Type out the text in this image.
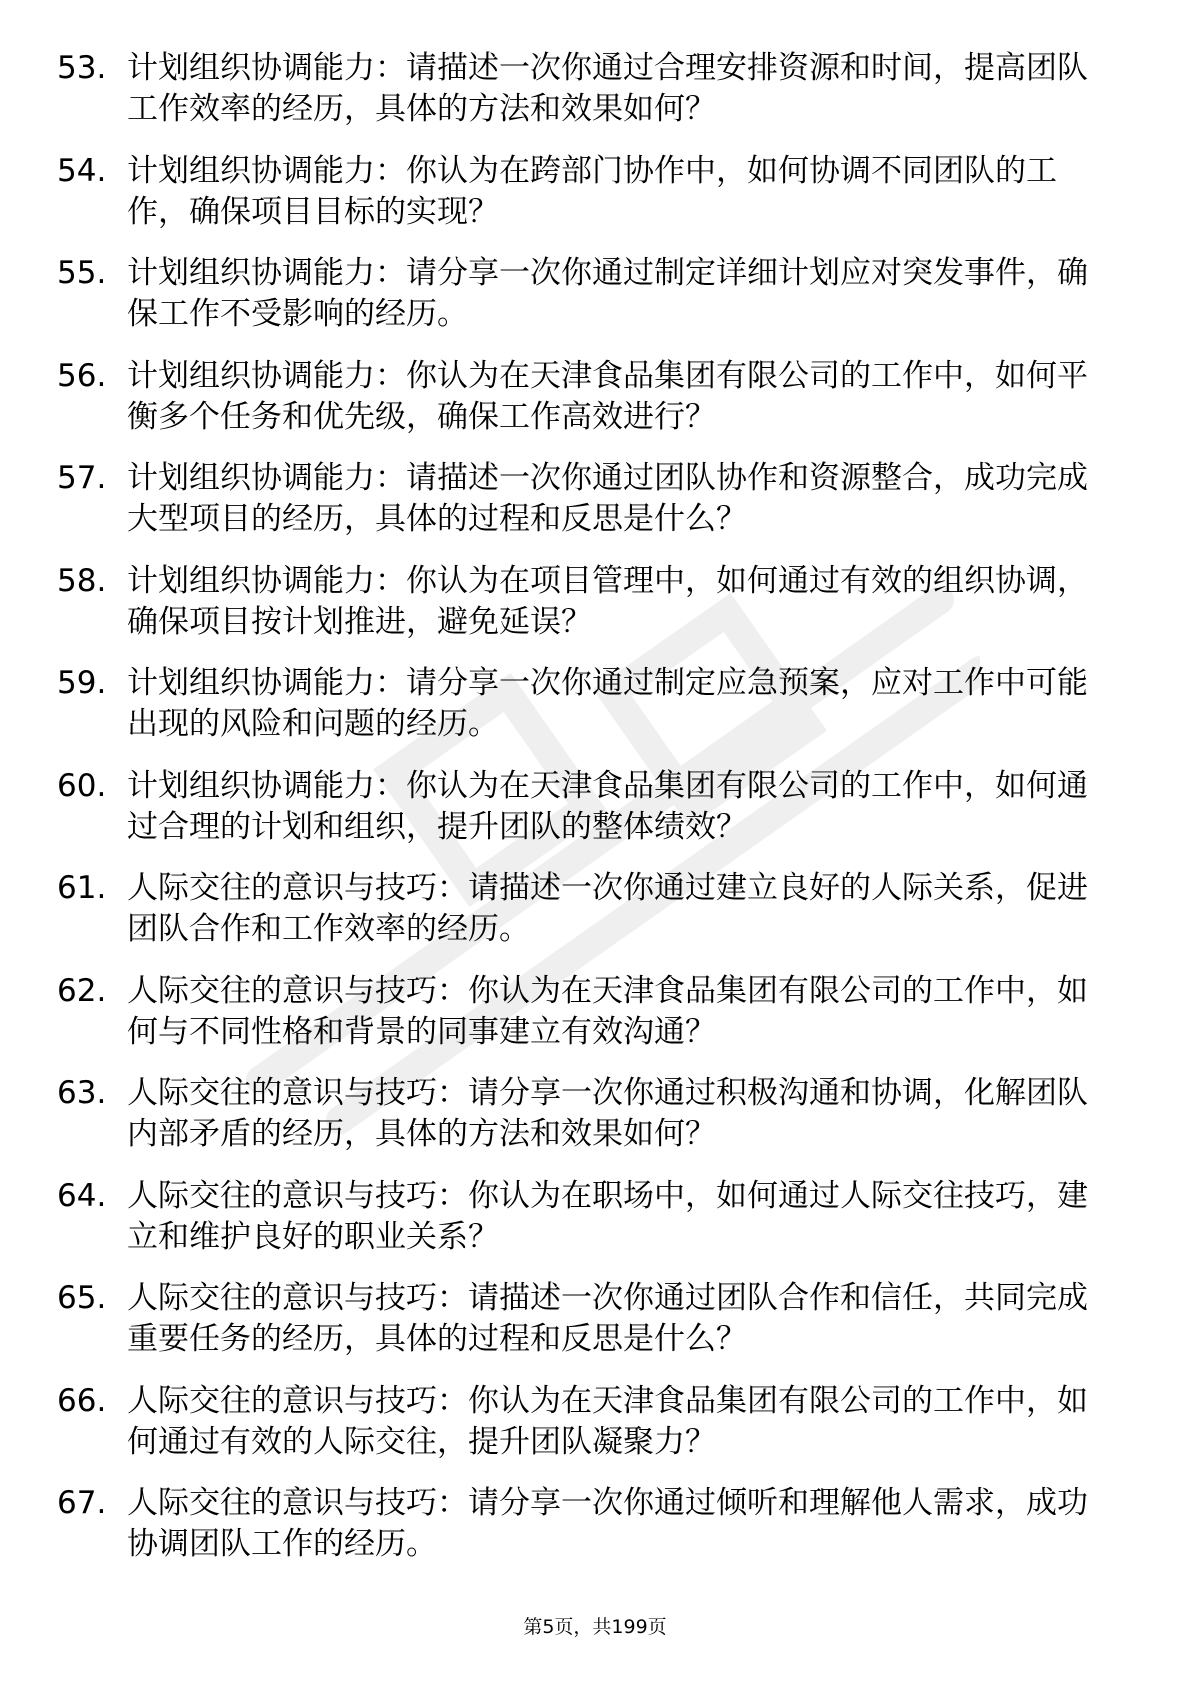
53. 计划组织协调能力：请描述一次你通过合理安排资源和时间，提高团队工作效率的经历，具体的方法和效果如何？

54. 计划组织协调能力：你认为在跨部门协作中，如何协调不同团队的工作，确保项目目标的实现？

55. 计划组织协调能力：请分享一次你通过制定详细计划应对突发事件，确保工作不受影响的经历。

56. 计划组织协调能力：你认为在天津食品集团有限公司的工作中，如何平衡多个任务和优先级，确保工作高效进行？

57. 计划组织协调能力：请描述一次你通过团队协作和资源整合，成功完成大型项目的经历，具体的过程和反思是什么？

58. 计划组织协调能力：你认为在项目管理中，如何通过有效的组织协调，确保项目按计划推进，避免延误？

59. 计划组织协调能力：请分享一次你通过制定应急预案，应对工作中可能出现的风险和问题的经历。

60. 计划组织协调能力：你认为在天津食品集团有限公司的工作中，如何通过合理的计划和组织，提升团队的整体绩效？

61. 人际交往的意识与技巧：请描述一次你通过建立良好的人际关系，促进团队合作和工作效率的经历。

62. 人际交往的意识与技巧：你认为在天津食品集团有限公司的工作中，如何与不同性格和背景的同事建立有效沟通？

63. 人际交往的意识与技巧：请分享一次你通过积极沟通和协调，化解团队内部矛盾的经历，具体的方法和效果如何？

64. 人际交往的意识与技巧：你认为在职场中，如何通过人际交往技巧，建立和维护良好的职业关系？

65. 人际交往的意识与技巧：请描述一次你通过团队合作和信任，共同完成重要任务的经历，具体的过程和反思是什么？

66. 人际交往的意识与技巧：你认为在天津食品集团有限公司的工作中，如何通过有效的人际交往，提升团队凝聚力？

67. 人际交往的意识与技巧：请分享一次你通过倾听和理解他人需求，成功协调团队工作的经历。

第5页，共199页
